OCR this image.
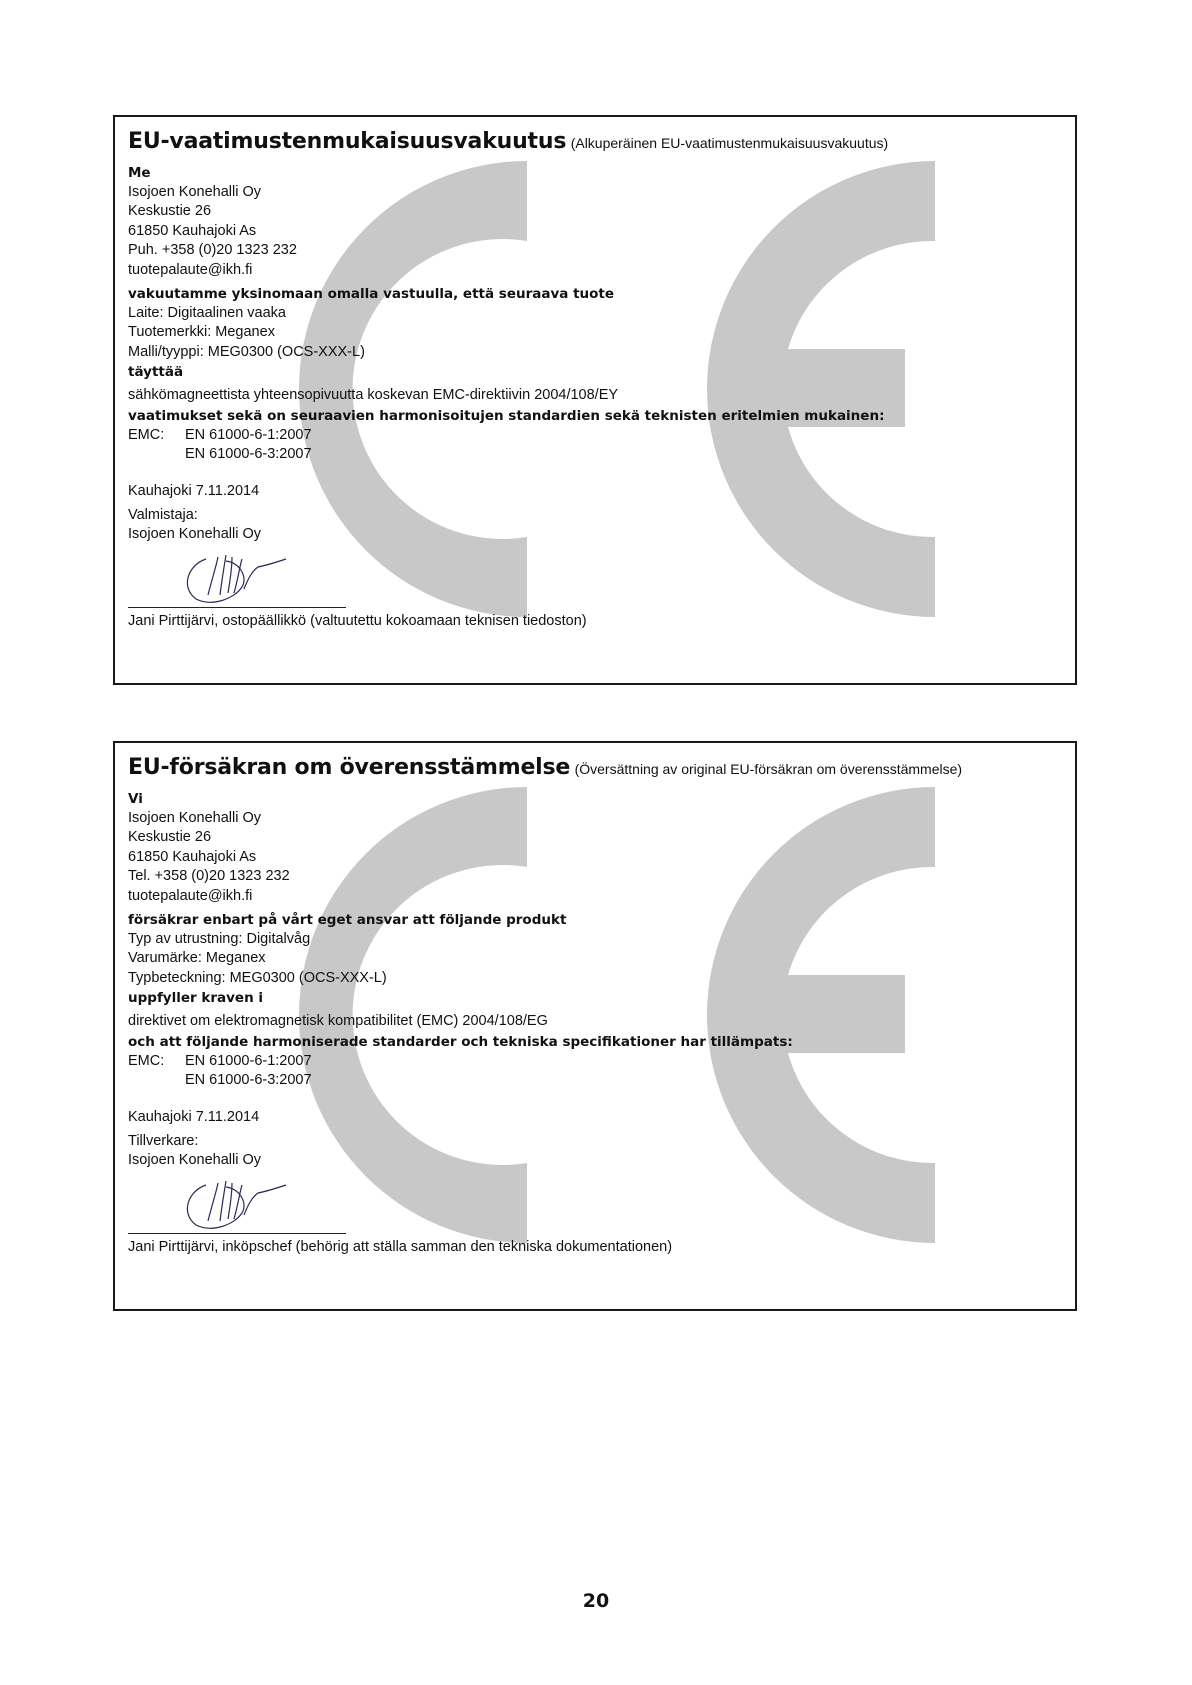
EU-vaatimustenmukaisuusvakuutus (Alkuperäinen EU-vaatimustenmukaisuusvakuutus)
Me
Isojoen Konehalli Oy
Keskustie 26
61850 Kauhajoki As
Puh. +358 (0)20 1323 232
tuotepalaute@ikh.fi
vakuutamme yksinomaan omalla vastuulla, että seuraava tuote
Laite: Digitaalinen vaaka
Tuotemerkki: Meganex
Malli/tyyppi: MEG0300 (OCS-XXX-L)
täyttää
sähkömagneettista yhteensopivuutta koskevan EMC-direktiivin 2004/108/EY
vaatimukset sekä on seuraavien harmonisoitujen standardien sekä teknisten eritelmien mukainen:
EMC:	EN 61000-6-1:2007
EN 61000-6-3:2007
Kauhajoki 7.11.2014
Valmistaja:
Isojoen Konehalli Oy
Jani Pirttijärvi, ostopäällikkö (valtuutettu kokoamaan teknisen tiedoston)
EU-försäkran om överensstämmelse (Översättning av original EU-försäkran om överensstämmelse)
Vi
Isojoen Konehalli Oy
Keskustie 26
61850 Kauhajoki As
Tel. +358 (0)20 1323 232
tuotepalaute@ikh.fi
försäkrar enbart på vårt eget ansvar att följande produkt
Typ av utrustning: Digitalvåg
Varumärke: Meganex
Typbeteckning: MEG0300 (OCS-XXX-L)
uppfyller kraven i
direktivet om elektromagnetisk kompatibilitet (EMC) 2004/108/EG
och att följande harmoniserade standarder och tekniska specifikationer har tillämpats:
EMC:	EN 61000-6-1:2007
EN 61000-6-3:2007
Kauhajoki 7.11.2014
Tillverkare:
Isojoen Konehalli Oy
Jani Pirttijärvi, inköpschef (behörig att ställa samman den tekniska dokumentationen)
20
